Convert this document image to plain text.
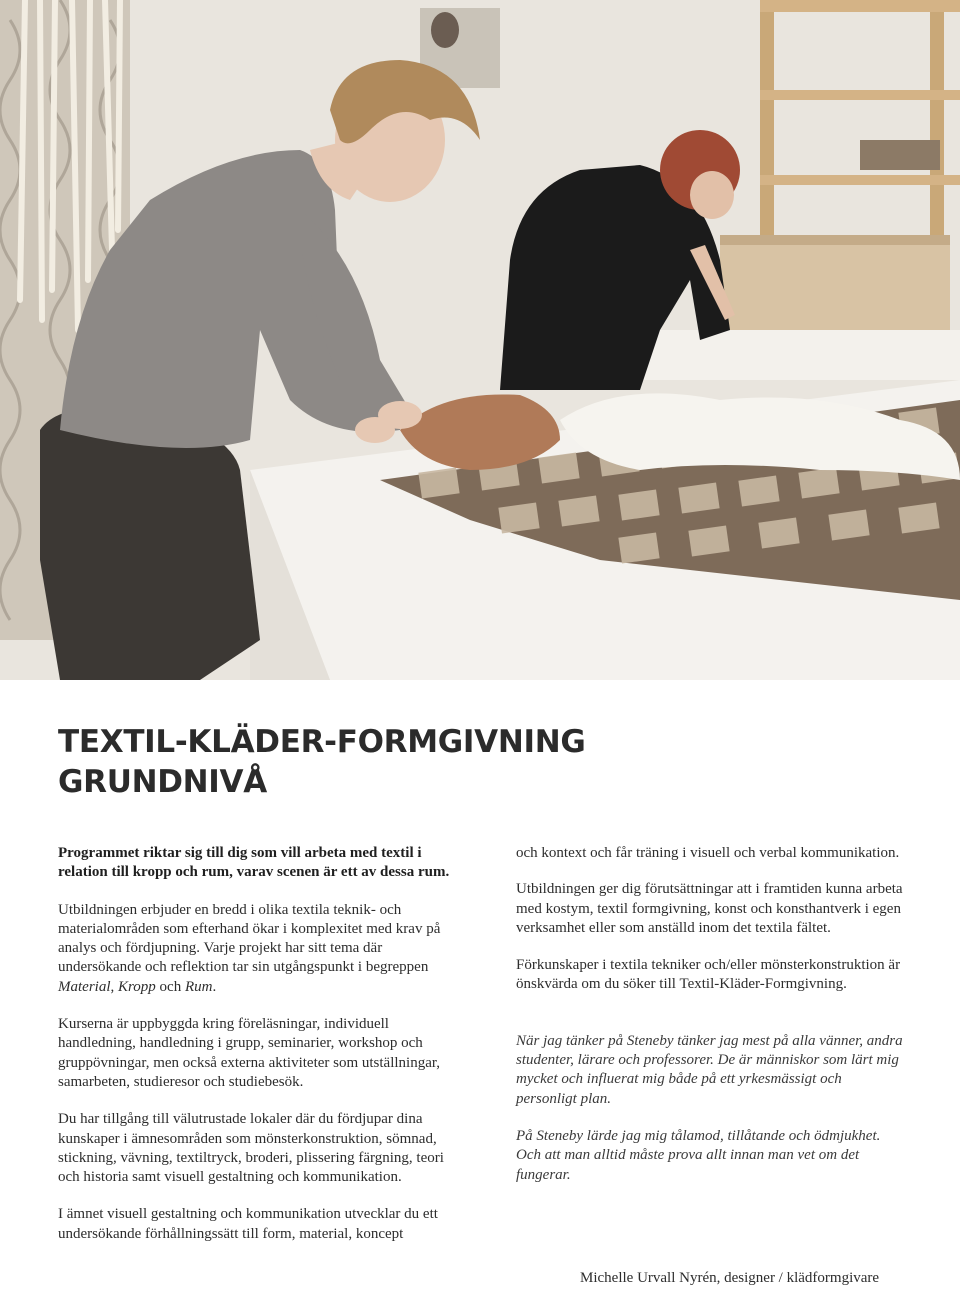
TEXTIL-KLÄDER-FORMGIVNING
GRUNDNIVÅ

Programmet riktar sig till dig som vill arbeta med textil i relation till kropp och rum, varav scenen är ett av dessa rum.

Utbildningen erbjuder en bredd i olika textila teknik- och materialområden som efterhand ökar i komplexitet med krav på analys och fördjupning. Varje projekt har sitt tema där undersökande och reflektion tar sin utgångspunkt i begreppen Material, Kropp och Rum.

Kurserna är uppbyggda kring föreläsningar, individuell handledning, handledning i grupp, seminarier, workshop och gruppövningar, men också externa aktiviteter som utställningar, samarbeten, studieresor och studiebesök.

Du har tillgång till välutrustade lokaler där du fördjupar dina kunskaper i ämnesområden som mönsterkonstruktion, sömnad, stickning, vävning, textiltryck, broderi, plissering färgning, teori och historia samt visuell gestaltning och kommunikation.

I ämnet visuell gestaltning och kommunikation utvecklar du ett undersökande förhållningssätt till form, material, koncept

och kontext och får träning i visuell och verbal kommunikation.

Utbildningen ger dig förutsättningar att i framtiden kunna arbeta med kostym, textil formgivning, konst och konsthantverk i egen verksamhet eller som anställd inom det textila fältet.

Förkunskaper i textila tekniker och/eller mönsterkonstruktion är önskvärda om du söker till Textil-Kläder-Formgivning.

När jag tänker på Steneby tänker jag mest på alla vänner, andra studenter, lärare och professorer. De är människor som lärt mig mycket och influerat mig både på ett yrkesmässigt och personligt plan.

På Steneby lärde jag mig tålamod, tillåtande och ödmjukhet. Och att man alltid måste prova allt innan man vet om det fungerar.

Michelle Urvall Nyrén, designer / klädformgivare
